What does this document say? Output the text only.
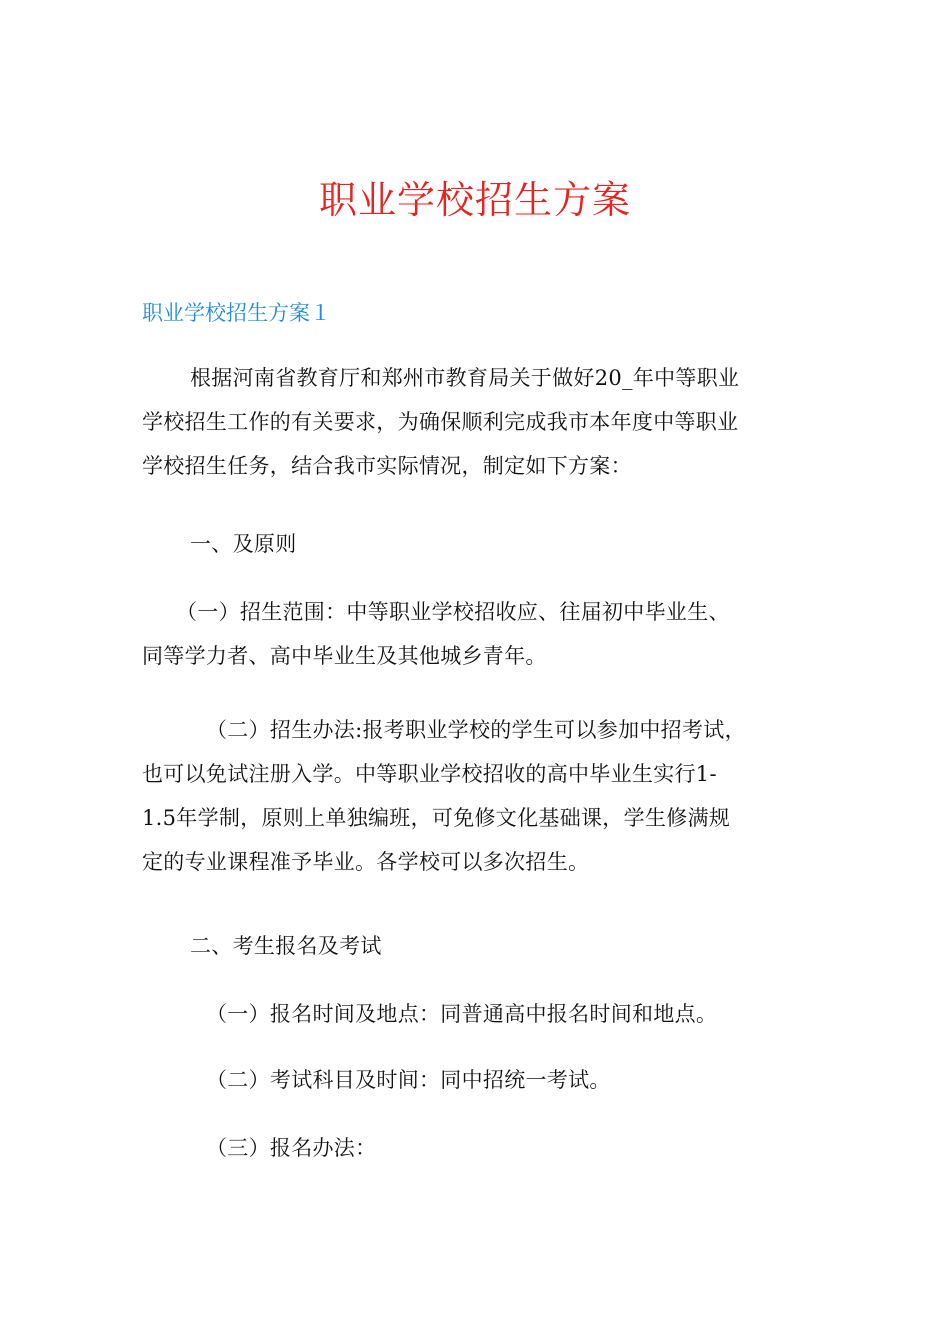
职业学校招生方案
职业学校招生方案１
根据河南省教育厅和郑州市教育局关于做好20_年中等职业
学校招生工作的有关要求，为确保顺利完成我市本年度中等职业
学校招生任务，结合我市实际情况，制定如下方案：
一、及原则
（一）招生范围：中等职业学校招收应、往届初中毕业生、
同等学力者、高中毕业生及其他城乡青年。
（二）招生办法:报考职业学校的学生可以参加中招考试，
也可以免试注册入学。中等职业学校招收的高中毕业生实行1-
1.5年学制，原则上单独编班，可免修文化基础课，学生修满规
定的专业课程准予毕业。各学校可以多次招生。
二、考生报名及考试
（一）报名时间及地点：同普通高中报名时间和地点。
（二）考试科目及时间：同中招统一考试。
（三）报名办法：
